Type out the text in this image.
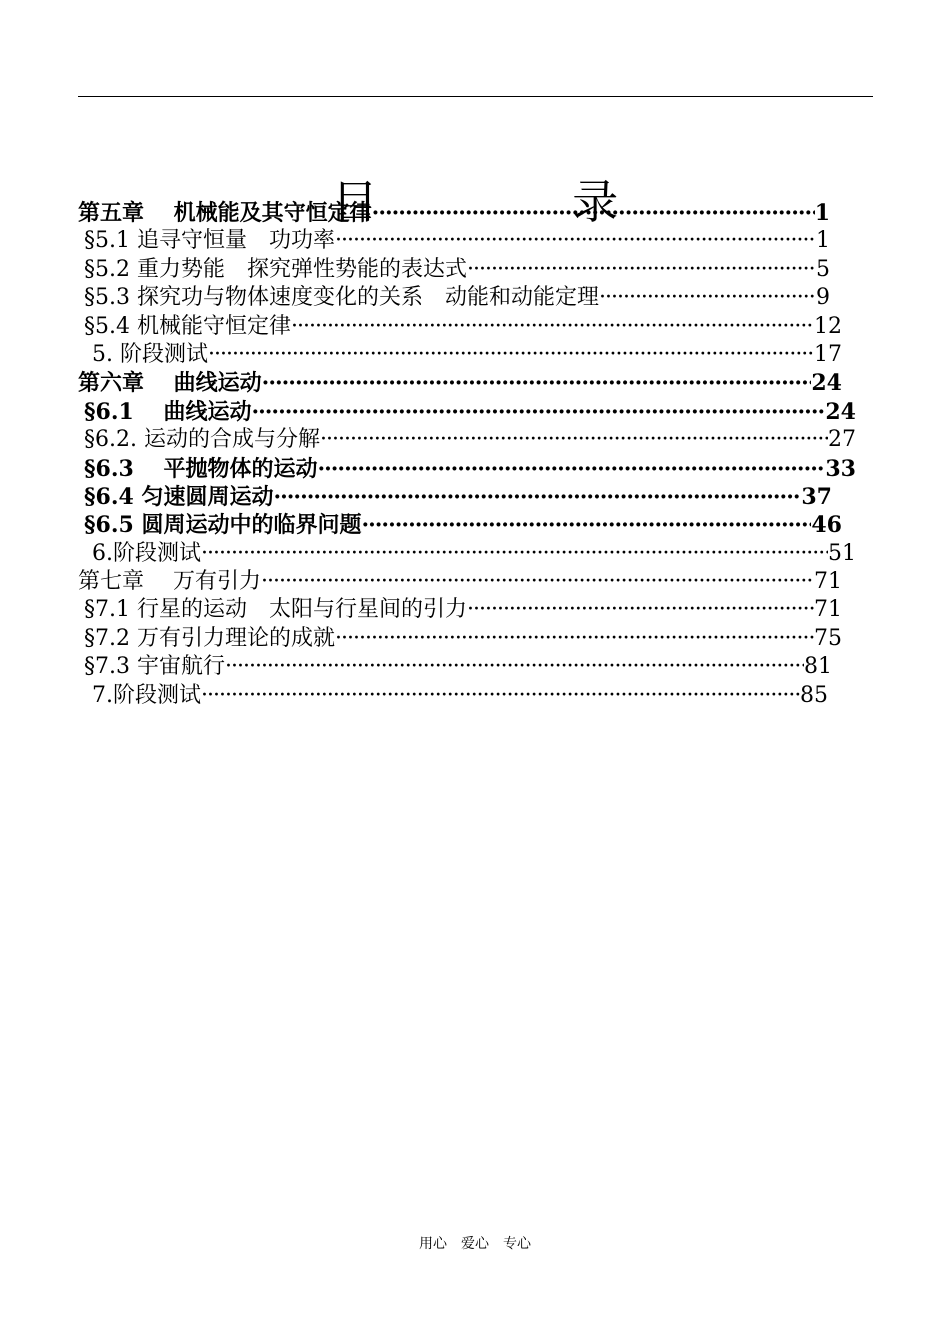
目 录
第五章　 机械能及其守恒定律 ·····	1
§5.1 追寻守恒量　功功率 ·····	1
§5.2 重力势能　探究弹性势能的表达式 ·····	5
§5.3 探究功与物体速度变化的关系　动能和动能定理 ·····	9
§5.4 机械能守恒定律 ·····	12
5. 阶段测试 ·····	17
第六章　 曲线运动 ·····	24
§6.1　 曲线运动 ·····	24
§6.2. 运动的合成与分解 ·····	27
§6.3　 平抛物体的运动 ·····	33
§6.4 匀速圆周运动 ·····	37
§6.5 圆周运动中的临界问题 ·····	46
6.阶段测试 ·····	51
第七章　 万有引力 ·····	71
§7.1 行星的运动　太阳与行星间的引力 ·····	71
§7.2 万有引力理论的成就 ·····	75
§7.3 宇宙航行 ·····	81
7.阶段测试 ·····	85
用心　爱心　专心
